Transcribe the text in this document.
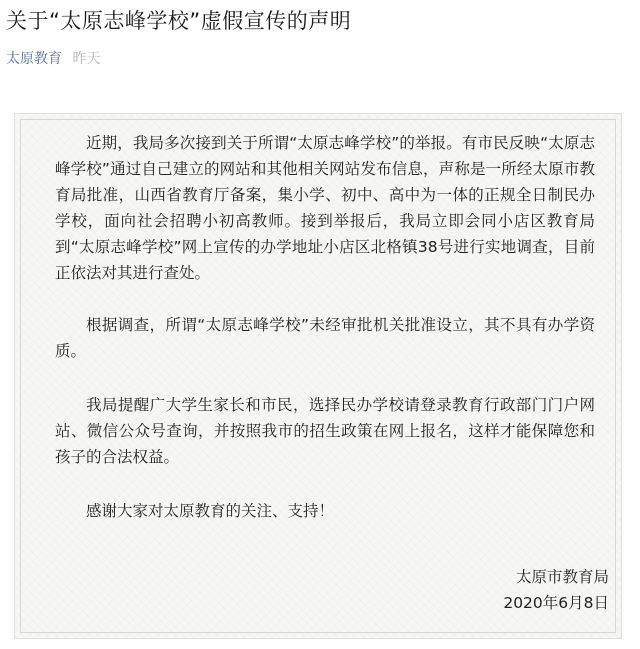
关于“太原志峰学校”虚假宣传的声明
太原教育 昨天

近期，我局多次接到关于所谓“太原志峰学校”的举报。有市民反映“太原志峰学校”通过自己建立的网站和其他相关网站发布信息，声称是一所经太原市教育局批准，山西省教育厅备案，集小学、初中、高中为一体的正规全日制民办学校，面向社会招聘小初高教师。接到举报后，我局立即会同小店区教育局到“太原志峰学校”网上宣传的办学地址小店区北格镇38号进行实地调查，目前正依法对其进行查处。

根据调查，所谓“太原志峰学校”未经审批机关批准设立，其不具有办学资质。

我局提醒广大学生家长和市民，选择民办学校请登录教育行政部门门户网站、微信公众号查询，并按照我市的招生政策在网上报名，这样才能保障您和孩子的合法权益。

感谢大家对太原教育的关注、支持！

太原市教育局
2020年6月8日
